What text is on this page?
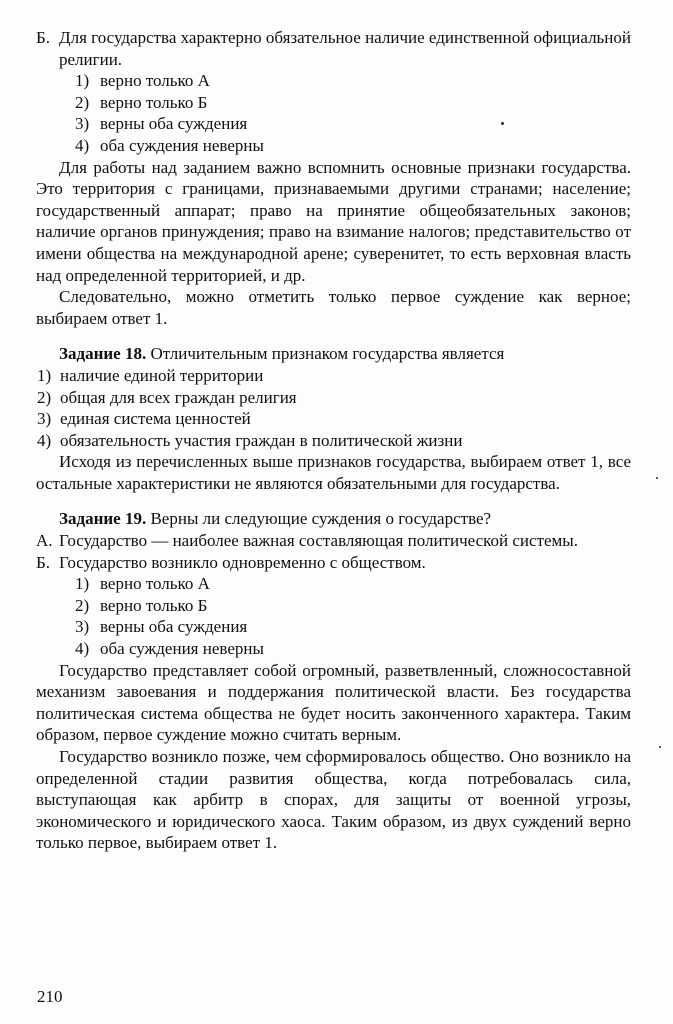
Б. Для государства характерно обязательное наличие единственной официальной религии.
1) верно только А
2) верно только Б
3) верны оба суждения
4) оба суждения неверны

Для работы над заданием важно вспомнить основные признаки государства. Это территория с границами, признаваемыми другими странами; население; государственный аппарат; право на принятие общеобязательных законов; наличие органов принуждения; право на взимание налогов; представительство от имени общества на международной арене; суверенитет, то есть верховная власть над определенной территорией, и др.

Следовательно, можно отметить только первое суждение как верное; выбираем ответ 1.

Задание 18. Отличительным признаком государства является

1) наличие единой территории
2) общая для всех граждан религия
3) единая система ценностей
4) обязательность участия граждан в политической жизни

Исходя из перечисленных выше признаков государства, выбираем ответ 1, все остальные характеристики не являются обязательными для государства.

Задание 19. Верны ли следующие суждения о государстве?

А. Государство — наиболее важная составляющая политической системы.
Б. Государство возникло одновременно с обществом.
1) верно только А
2) верно только Б
3) верны оба суждения
4) оба суждения неверны

Государство представляет собой огромный, разветвленный, сложносоставной механизм завоевания и поддержания политической власти. Без государства политическая система общества не будет носить законченного характера. Таким образом, первое суждение можно считать верным.

Государство возникло позже, чем сформировалось общество. Оно возникло на определенной стадии развития общества, когда потребовалась сила, выступающая как арбитр в спорах, для защиты от военной угрозы, экономического и юридического хаоса. Таким образом, из двух суждений верно только первое, выбираем ответ 1.

210
